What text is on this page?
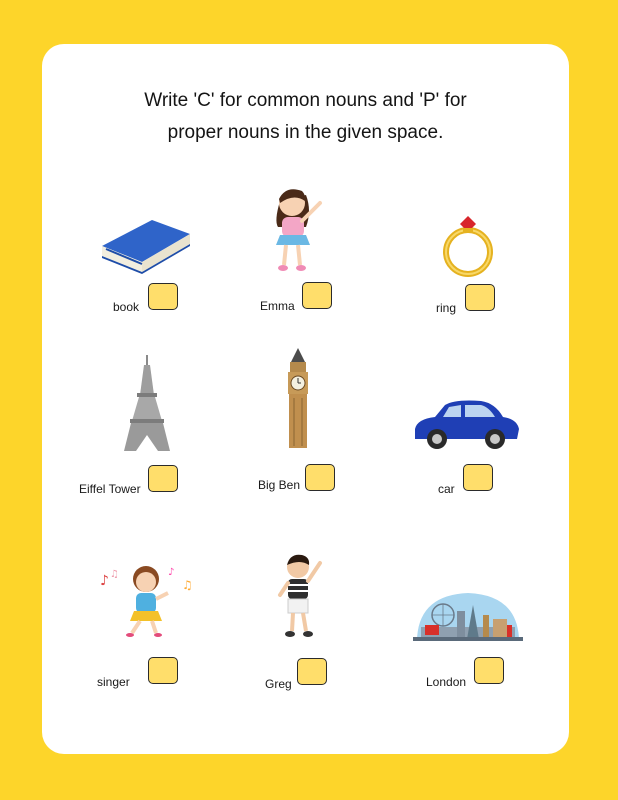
Write 'C' for common nouns and 'P' for
proper nouns in the given space.
book	Emma	ring
Eiffel Tower	Big Ben	car
♪ ♫	♪
♫
singer	Greg	London
